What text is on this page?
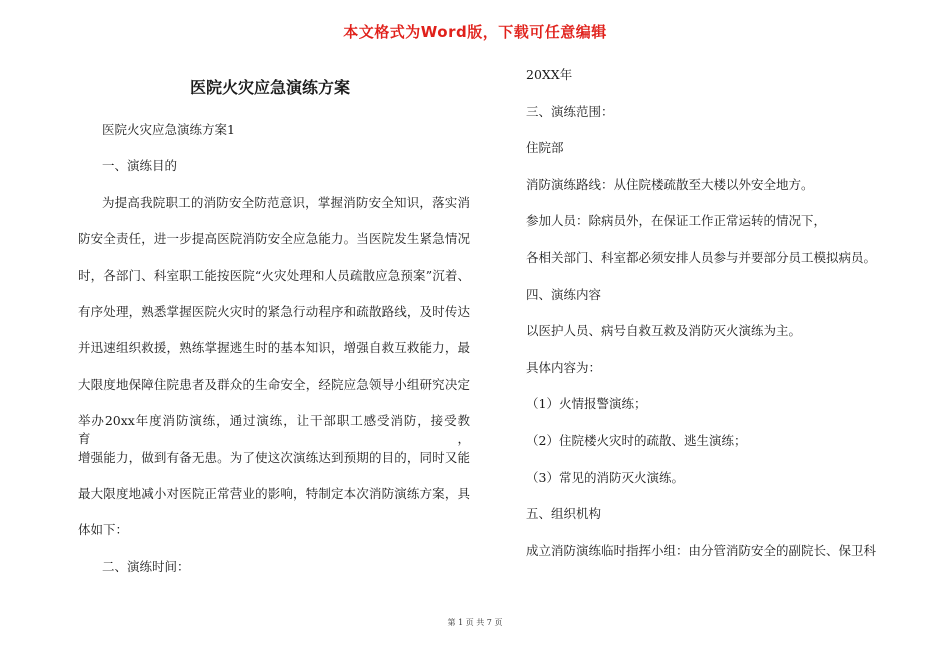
本文格式为Word版，下载可任意编辑
医院火灾应急演练方案
医院火灾应急演练方案1
一、演练目的
为提高我院职工的消防安全防范意识，掌握消防安全知识，落实消
防安全责任，进一步提高医院消防安全应急能力。当医院发生紧急情况
时，各部门、科室职工能按医院“火灾处理和人员疏散应急预案”沉着、
有序处理，熟悉掌握医院火灾时的紧急行动程序和疏散路线，及时传达
并迅速组织救援，熟练掌握逃生时的基本知识，增强自救互救能力，最
大限度地保障住院患者及群众的生命安全，经院应急领导小组研究决定
举办20xx年度消防演练，通过演练，让干部职工感受消防，接受教育，
增强能力，做到有备无患。为了使这次演练达到预期的目的，同时又能
最大限度地减小对医院正常营业的影响，特制定本次消防演练方案，具
体如下：
二、演练时间：
20XX年
三、演练范围：
住院部
消防演练路线：从住院楼疏散至大楼以外安全地方。
参加人员：除病员外，在保证工作正常运转的情况下，
各相关部门、科室都必须安排人员参与并要部分员工模拟病员。
四、演练内容
以医护人员、病号自救互救及消防灭火演练为主。
具体内容为：
（1）火情报警演练；
（2）住院楼火灾时的疏散、逃生演练；
（3）常见的消防灭火演练。
五、组织机构
成立消防演练临时指挥小组：由分管消防安全的副院长、保卫科
第 1 页 共 7 页
